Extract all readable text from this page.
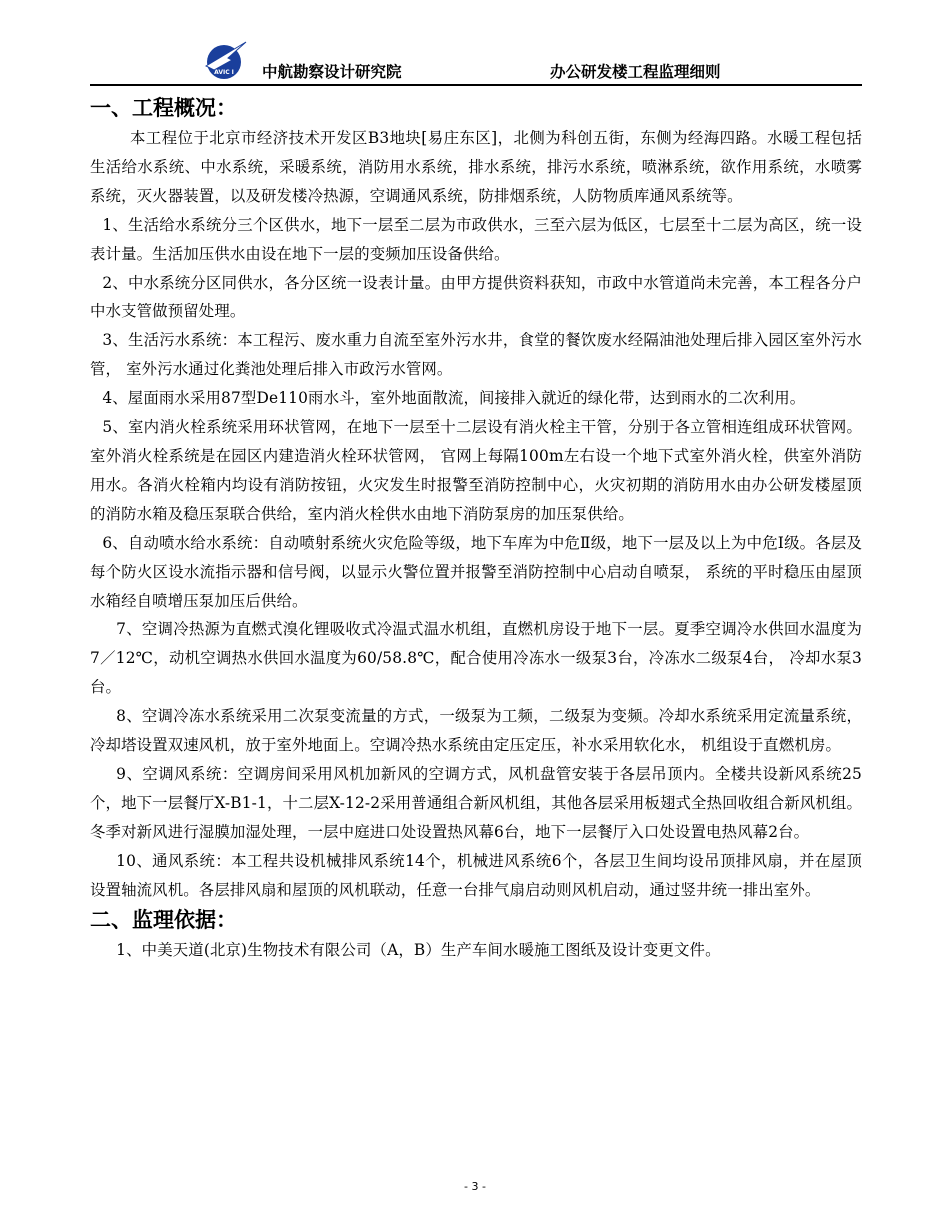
AVIC I 中航勘察设计研究院	办公研发楼工程监理细则
一、工程概况：

本工程位于北京市经济技术开发区B3地块[易庄东区]，北侧为科创五街，东侧为经海四路。水暖工程包括生活给水系统、中水系统，采暖系统，消防用水系统，排水系统，排污水系统，喷淋系统，欲作用系统，水喷雾系统，灭火器装置，以及研发楼冷热源，空调通风系统，防排烟系统，人防物质库通风系统等。

1、生活给水系统分三个区供水，地下一层至二层为市政供水，三至六层为低区，七层至十二层为高区，统一设表计量。生活加压供水由设在地下一层的变频加压设备供给。

2、中水系统分区同供水，各分区统一设表计量。由甲方提供资料获知，市政中水管道尚未完善，本工程各分户中水支管做预留处理。

3、生活污水系统：本工程污、废水重力自流至室外污水井，食堂的餐饮废水经隔油池处理后排入园区室外污水管， 室外污水通过化粪池处理后排入市政污水管网。

4、屋面雨水采用87型De110雨水斗，室外地面散流，间接排入就近的绿化带，达到雨水的二次利用。

5、室内消火栓系统采用环状管网，在地下一层至十二层设有消火栓主干管，分别于各立管相连组成环状管网。室外消火栓系统是在园区内建造消火栓环状管网， 官网上每隔100m左右设一个地下式室外消火栓，供室外消防用水。各消火栓箱内均设有消防按钮，火灾发生时报警至消防控制中心，火灾初期的消防用水由办公研发楼屋顶的消防水箱及稳压泵联合供给，室内消火栓供水由地下消防泵房的加压泵供给。

6、自动喷水给水系统：自动喷射系统火灾危险等级，地下车库为中危Ⅱ级，地下一层及以上为中危Ⅰ级。各层及每个防火区设水流指示器和信号阀，以显示火警位置并报警至消防控制中心启动自喷泵， 系统的平时稳压由屋顶水箱经自喷增压泵加压后供给。

7、空调冷热源为直燃式溴化锂吸收式冷温式温水机组，直燃机房设于地下一层。夏季空调冷水供回水温度为7／12℃，动机空调热水供回水温度为60/58.8℃，配合使用冷冻水一级泵3台，冷冻水二级泵4台， 冷却水泵3台。

8、空调冷冻水系统采用二次泵变流量的方式，一级泵为工频，二级泵为变频。冷却水系统采用定流量系统，冷却塔设置双速风机，放于室外地面上。空调冷热水系统由定压定压，补水采用软化水， 机组设于直燃机房。

9、空调风系统：空调房间采用风机加新风的空调方式，风机盘管安装于各层吊顶内。全楼共设新风系统25个，地下一层餐厅X-B1-1，十二层X-12-2采用普通组合新风机组，其他各层采用板翅式全热回收组合新风机组。冬季对新风进行湿膜加湿处理，一层中庭进口处设置热风幕6台，地下一层餐厅入口处设置电热风幕2台。

10、通风系统：本工程共设机械排风系统14个，机械进风系统6个，各层卫生间均设吊顶排风扇，并在屋顶设置轴流风机。各层排风扇和屋顶的风机联动，任意一台排气扇启动则风机启动，通过竖井统一排出室外。

二、监理依据：

1、中美天道(北京)生物技术有限公司（A，B）生产车间水暖施工图纸及设计变更文件。

- 3 -
